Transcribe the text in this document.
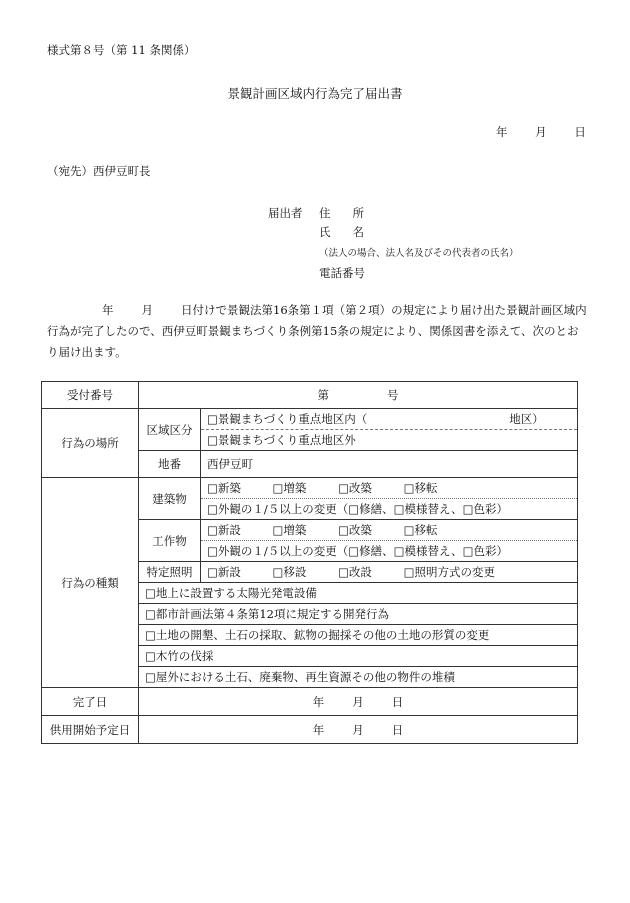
様式第８号（第 11 条関係）
景観計画区域内行為完了届出書
年 月 日
（宛先）西伊豆町長
届出者 住所
氏名
（法人の場合、法人名及びその代表者の氏名）
電話番号
年 月 日付けで景観法第16条第１項（第２項）の規定により届け出た景観計画区域内行為が完了したので、西伊豆町景観まちづくり条例第15条の規定により、関係図書を添えて、次のとおり届け出ます。
受付番号	第 号	
行為の場所	区域区分	□景観まちづくり重点地区内（ 地区）
		□景観まちづくり重点地区外
	地番	西伊豆町
行為の種類	建築物	□新築 □増築 □改築 □移転
		□外観の１/５以上の変更（□修繕、□模様替え、□色彩）
	工作物	□新設 □増築 □改築 □移転
		□外観の１/５以上の変更（□修繕、□模様替え、□色彩）
	特定照明	□新設 □移設 □改設 □照明方式の変更
	□地上に設置する太陽光発電設備	
	□都市計画法第４条第12項に規定する開発行為	
	□土地の開墾、土石の採取、鉱物の掘採その他の土地の形質の変更	
	□木竹の伐採	
	□屋外における土石、廃棄物、再生資源その他の物件の堆積	
完了日	年 月 日	
供用開始予定日	年 月 日	
